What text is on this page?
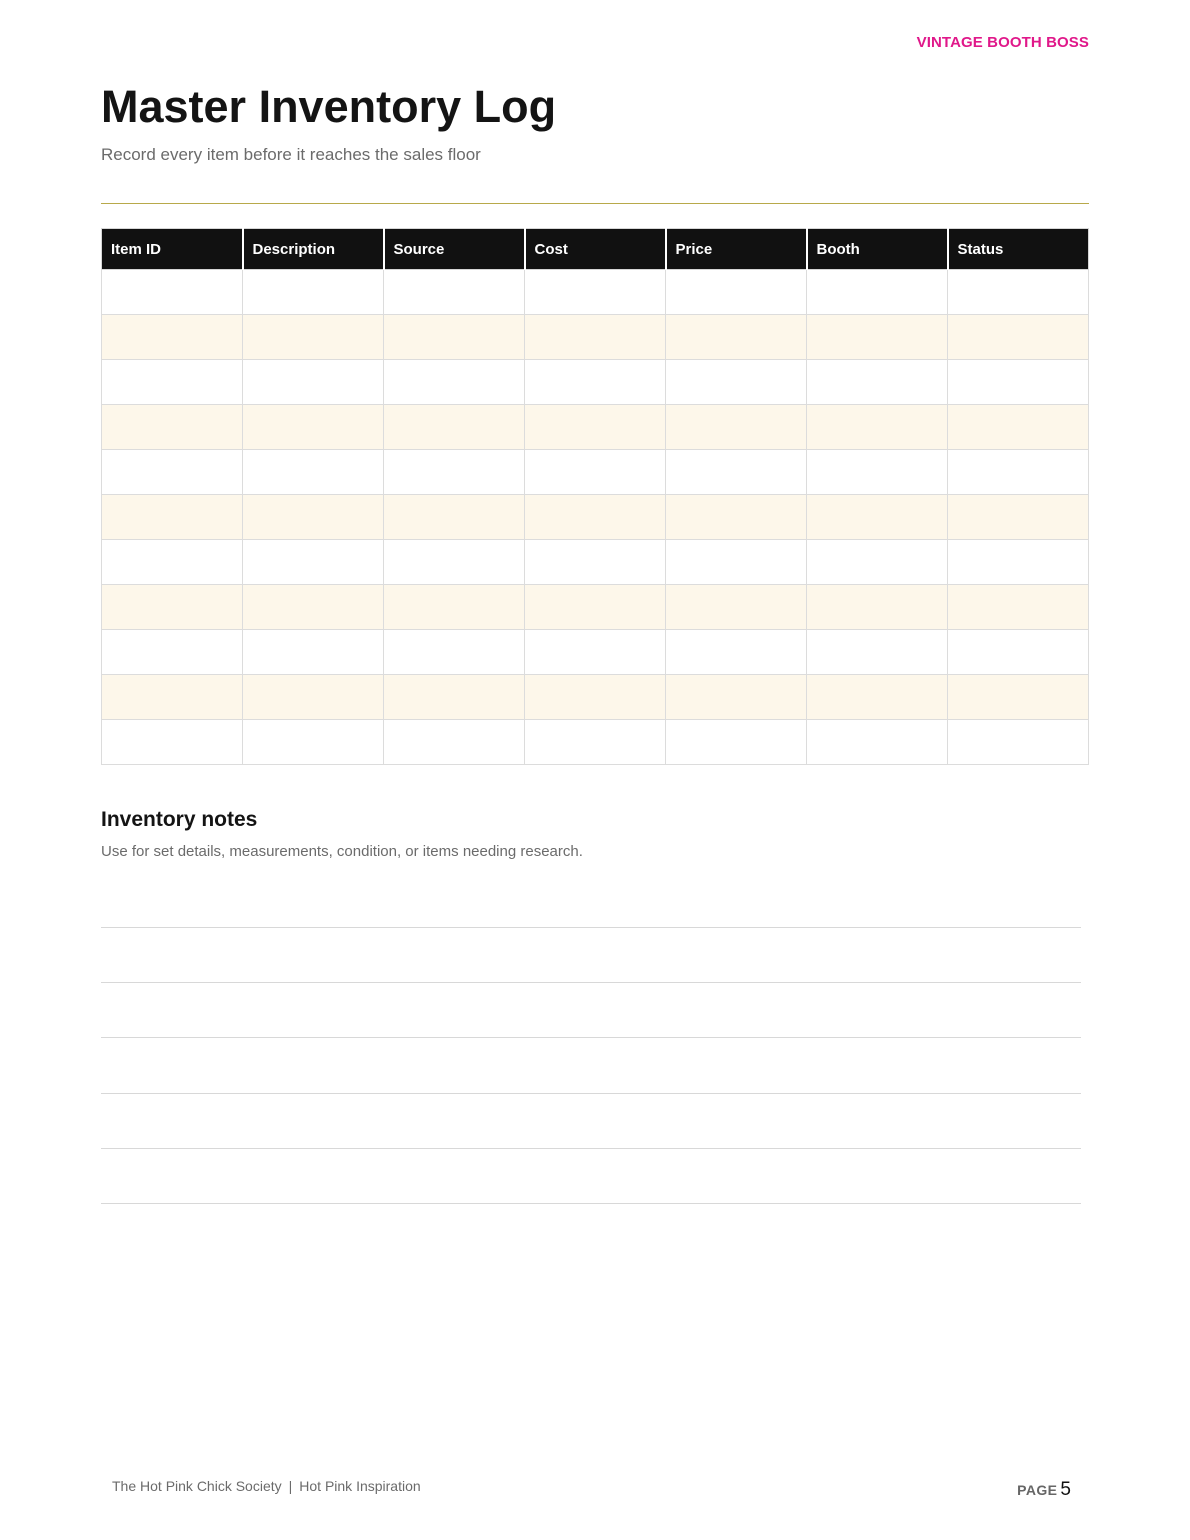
VINTAGE BOOTH BOSS
Master Inventory Log
Record every item before it reaches the sales floor
Item ID	Description	Source	Cost	Price	Booth	Status

Inventory notes
Use for set details, measurements, condition, or items needing research.
The Hot Pink Chick Society | Hot Pink Inspiration	PAGE 5
